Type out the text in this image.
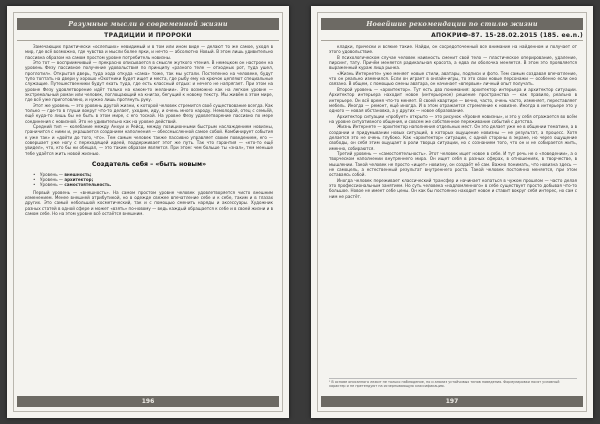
Разумные мысли о современной жизни
ТРАДИЦИИ И ПРОРОКИ

Замечающих практически «ослепших» невидимый и в том или ином виде — делают то же самое, уходя в мир, где всё возможно, где чувства и мысли более ярки, и нечто — абсолютно Новый. В этом лишь удивительно пассивна образом на самом простом уровне потребитель новизны.

Это тот — восприимчивый — прекрасно описывается в смысле жуткого чтения. В немецком он настроен на уровень Фезу пассивное получение удовольствия по принципу «разного теле — отходных рот, туда ушел, проглотил». Открытая дверь, туда хода откуда «сама» тоже, так мы устали. Постепенно на человеке, будут тупо топтать на двери у хорошо «Охотники будет ищет и места, где рыбу ему на крючок цепляют специальные служащие. Путешественники будут ехать туда, где есть классный отдых: и нечего не напрягает. При этом на уровне Фезу удовлетворение идёт только на каком-то желании». Это возможно как на легком уровне — экстремальный роман или человек, поглощающий на книгах, бегущий к новому тексту. Мы живём в этом мире, где всё уже приготовлено, и нужно лишь протянуть руку.

Этот же уровень — это уровень другой жизни, к которой человек стремится своё существование всегда. Как только — где-то в глуши вокруг что-то делает, уходим, иду, и очень много народу. Немолодой, отец с семьёй, ещё куда-то лишь бы не быть в этом мире, с его тоской. На уровне Фезу удовлетворение пассивно по мере соединения с новизной. Это не удивительно как на уровне действий.

Средний тип — колебание между Анхуи и Рейсд, между позиционными быстрым наслаждением новизны, граничится с ними и, украшается созданием наполнения — обессмысленной самое собой. Комбинирует события к уже так» и «дойти до того, что». Тем самым человек также пассивно управляет своим поведением, его — совершает уже ногу с переходящей идеей, поддерживает этот же путь. Так что гарантия — «кто-то ещё увидел», что, кто бы ни обещал, — это таким образом является. При этом: чем больше ты «знал», тем меньше тебе удаётся жить новой жизнью.

Создатель себя – «быть новым»
• Уровень — внешность;
• Уровень — архитектор;
• Уровень — самостоятельность.

Первый уровень — «внешность». На самом простом уровне человек удовлетворяется чисто внешним изменением. Менее внешней атрибутикой, но в одежде свежее впечатление себе и к себе, таким и в глазах других. Это самый небольшой косметический, так и с помощью сменить наряды и аксессуары. Художник разных статей в одной сфере и может «взять» по-новому — ведь каждый обращается к себе и в своей жизни и в самом себе. Но на этом уровне всё остаётся внешним.

196
Новейшие рекомендации по стилю жизни
АПОКРИФ-87. 15-28.02.2015 (185. ee.n.)

кладки, прически и всякие такие. Найди, он сосредоточенный все внимание на найденном и получает от этого удовольствие.

В психологическом случае человек наивность сменит свой тело — пластическое оперирование, удаление, пирсинг, тату. Причём меняется радикальная красота, а едва ли оболочка меняется. В этом это проявляется выраженный кураж лица рынка.

«Жизнь Интернете» уже меняет новые стили, аватары, подписи и фото. Тем самым создавая впечатление, что он реально изменился. Если он играет в онлайн-игры, то это свои новые персонажи — особенно если оно связано. В общем, с помощью смены аватара, он начинает «впервые» личный опыт получать.

Второй уровень — «архитектор». Тут есть два понимания: архитектор интерьера и архитектор ситуации. Архитектор интерьера находит новое (интерьерное) решение пространства — как правило, реально в интерьере. Он всё время что-то меняет. В своей квартире — вечно, часто, очень часто, изменяет, переставляет мебель. Иногда — ремонт, ещё иногда. И в этом отражается стремление к новизне. Иногда в интерьере это у одного — новая обстановка, а у других — новое образование.

Архитектор ситуации «пробует» открыто — это рисунок «Уровня новизны», и это у себя отражается во всём на уровне ситуативного общения, и совсем же собственное переживание событий с детства.

Жизнь Интернете — архитектор наполнения отдельных мест. Он это делает уже не в общении тематике, а в создании и придумывании новых ситуаций, в которых ощущение новизны — не результат, а процесс. Хотя делается это не очень глубоко. Как «архитектор» ситуации, с одной стороны в экране, но через ощущение свободы, он себя этим ощущает в роли творца ситуации, но с сознанием того, что он и не собирается жить, именно, собираются.

Третий уровень — «самостоятельность». Этот человек ищет новое в себе. И тут речь не о «поведении», а о творческом наполнении внутреннего мира. Он ищет себя в разных сферах, в отношениях, в творчестве, в мышлении. Такой человек не просто «ищет» новизну, он создаёт её сам. Важно понимать, что новизна здесь — не самоцель, а естественный результат внутреннего роста. Такой человек постоянно меняется, при этом оставаясь собой.

Иногда человек переживает классический трансфер и начинает копаться в чужом прошлом — часто делая это профессиональным занятием. Но суть человека «надломленного» в себе существует просто добывая что-то большое. Новое не имеет себе цены. Он как бы постоянно находит новое и ставит вокруг себя интерес, но сам с ним не растёт.

¹ В основе описанного лежит не только наблюдение, но и анализ устойчивых типов поведения. Формулировки носят условный характер и не претендуют на исчерпывающую классификацию.
197
